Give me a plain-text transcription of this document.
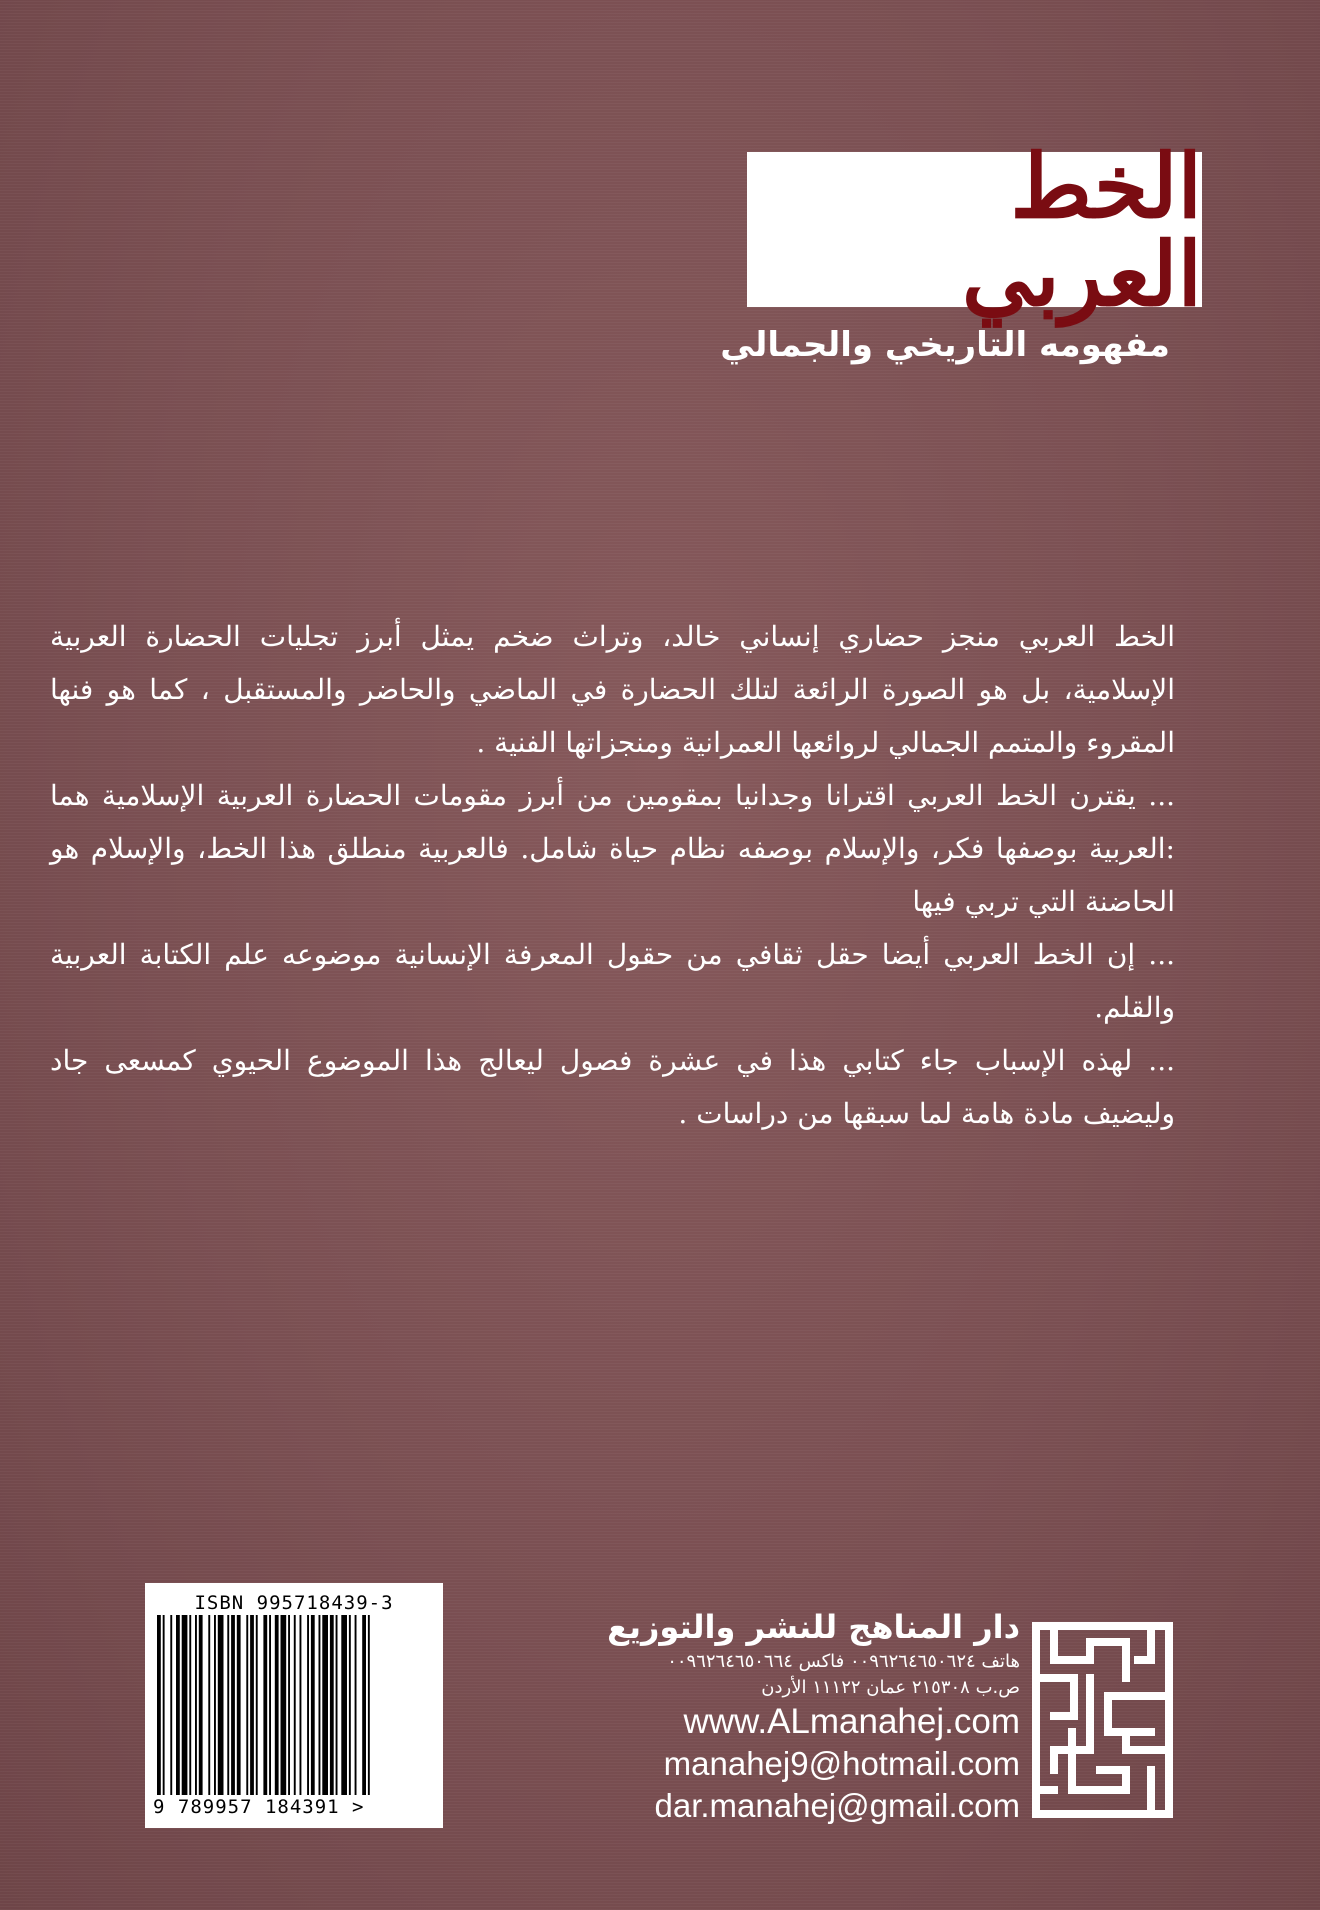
الخط العربي
مفهومه التاريخي والجمالي

الخط العربي منجز حضاري إنساني خالد، وتراث ضخم يمثل أبرز تجليات الحضارة العربية الإسلامية، بل هو الصورة الرائعة لتلك الحضارة في الماضي والحاضر والمستقبل ، كما هو فنها المقروء والمتمم الجمالي لروائعها العمرانية ومنجزاتها الفنية .

... يقترن الخط العربي اقترانا وجدانيا بمقومين من أبرز مقومات الحضارة العربية الإسلامية هما :العربية بوصفها فكر، والإسلام بوصفه نظام حياة شامل. فالعربية منطلق هذا الخط، والإسلام هو الحاضنة التي تربي فيها

... إن الخط العربي أيضا حقل ثقافي من حقول المعرفة الإنسانية موضوعه علم الكتابة العربية والقلم.

... لهذه الإسباب جاء كتابي هذا في عشرة فصول ليعالج هذا الموضوع الحيوي كمسعى جاد وليضيف مادة هامة لما سبقها من دراسات .

ISBN 995718439-3
9 789957 184391 >
دار المناهج للنشر والتوزيع
هاتف ٠٠٩٦٢٦٤٦٥٠٦٢٤ فاكس ٠٠٩٦٢٦٤٦٥٠٦٦٤
ص.ب ٢١٥٣٠٨ عمان ١١١٢٢ الأردن
www.ALmanahej.com
manahej9@hotmail.com
dar.manahej@gmail.com
